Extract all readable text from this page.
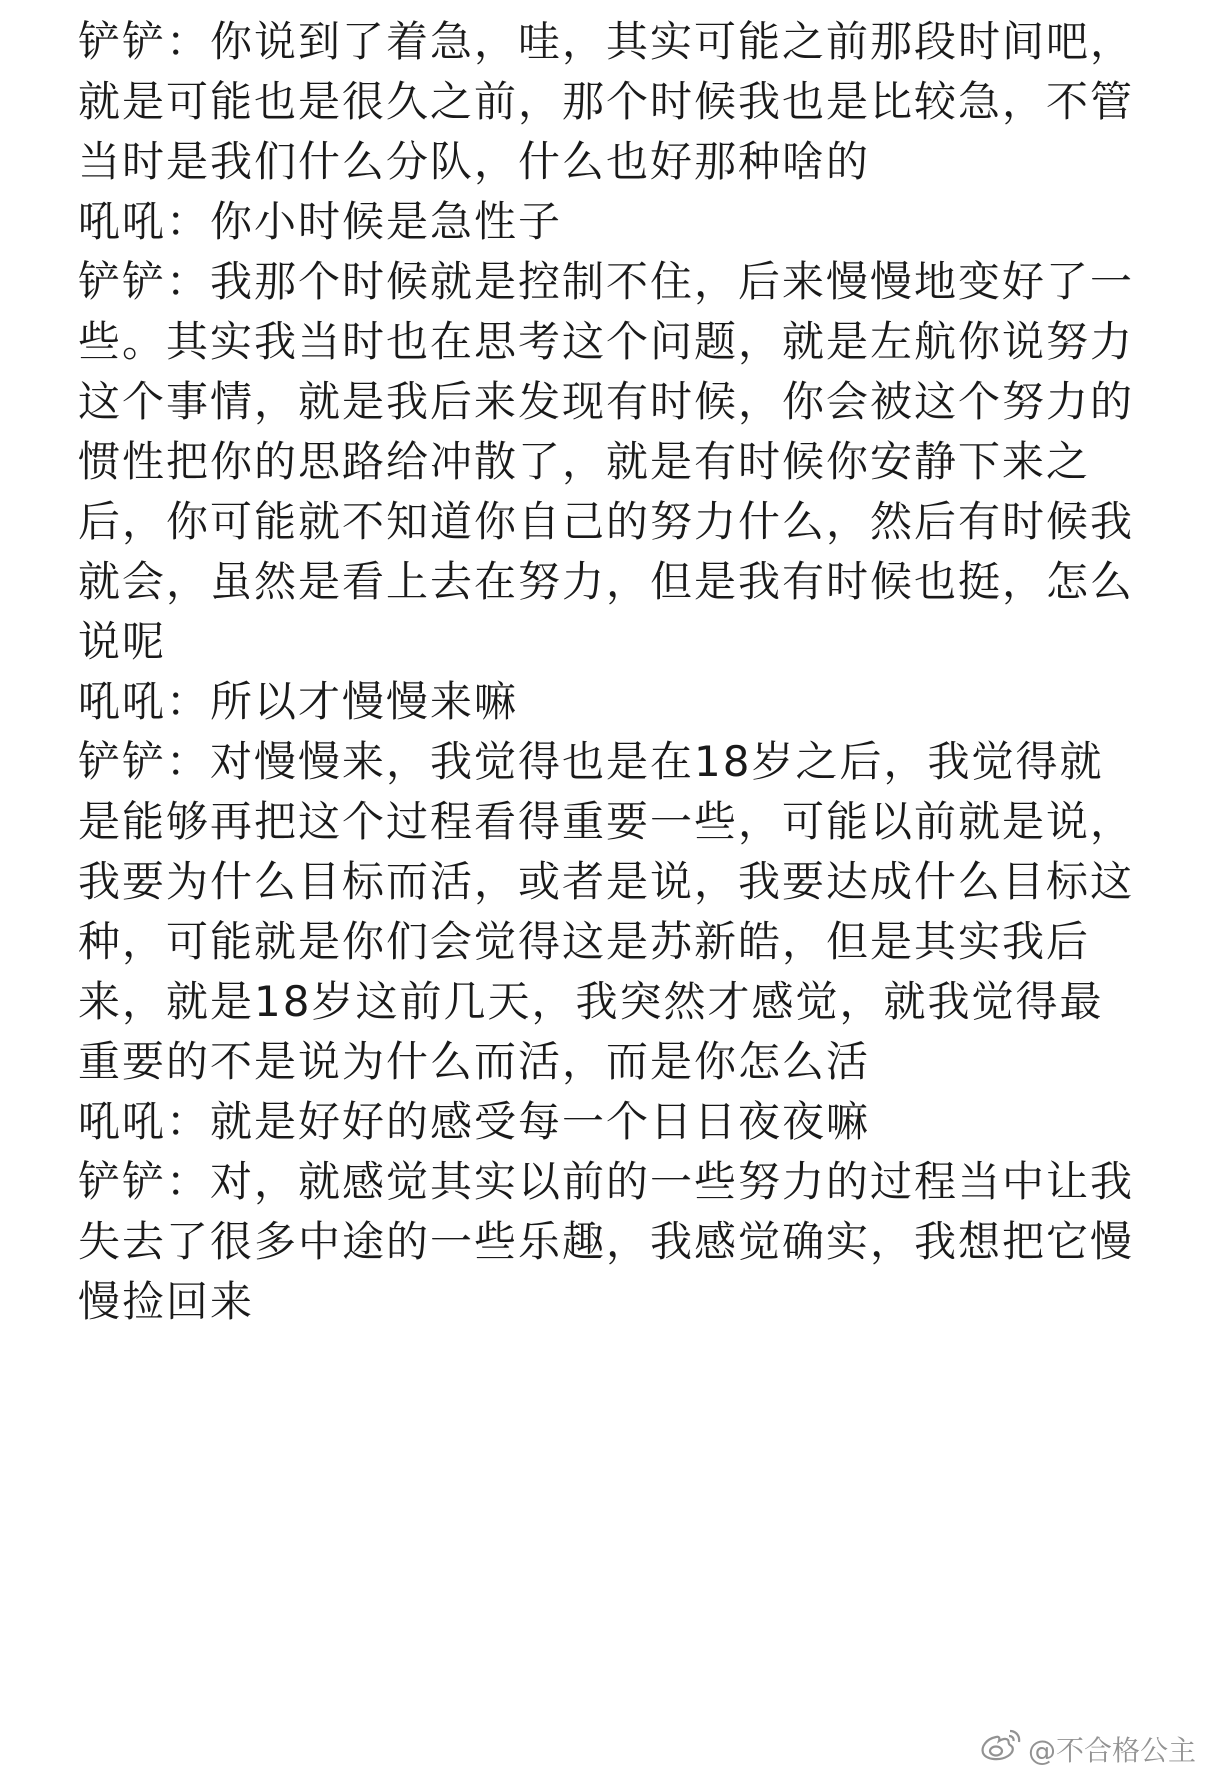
铲铲：你说到了着急，哇，其实可能之前那段时间吧，就是可能也是很久之前，那个时候我也是比较急，不管当时是我们什么分队，什么也好那种啥的

吼吼：你小时候是急性子

铲铲：我那个时候就是控制不住，后来慢慢地变好了一些。其实我当时也在思考这个问题，就是左航你说努力这个事情，就是我后来发现有时候，你会被这个努力的惯性把你的思路给冲散了，就是有时候你安静下来之后，你可能就不知道你自己的努力什么，然后有时候我就会，虽然是看上去在努力，但是我有时候也挺，怎么说呢

吼吼：所以才慢慢来嘛

铲铲：对慢慢来，我觉得也是在18岁之后，我觉得就是能够再把这个过程看得重要一些，可能以前就是说，我要为什么目标而活，或者是说，我要达成什么目标这种，可能就是你们会觉得这是苏新皓，但是其实我后来，就是18岁这前几天，我突然才感觉，就我觉得最重要的不是说为什么而活，而是你怎么活

吼吼：就是好好的感受每一个日日夜夜嘛

铲铲：对，就感觉其实以前的一些努力的过程当中让我失去了很多中途的一些乐趣，我感觉确实，我想把它慢慢捡回来

@不合格公主
